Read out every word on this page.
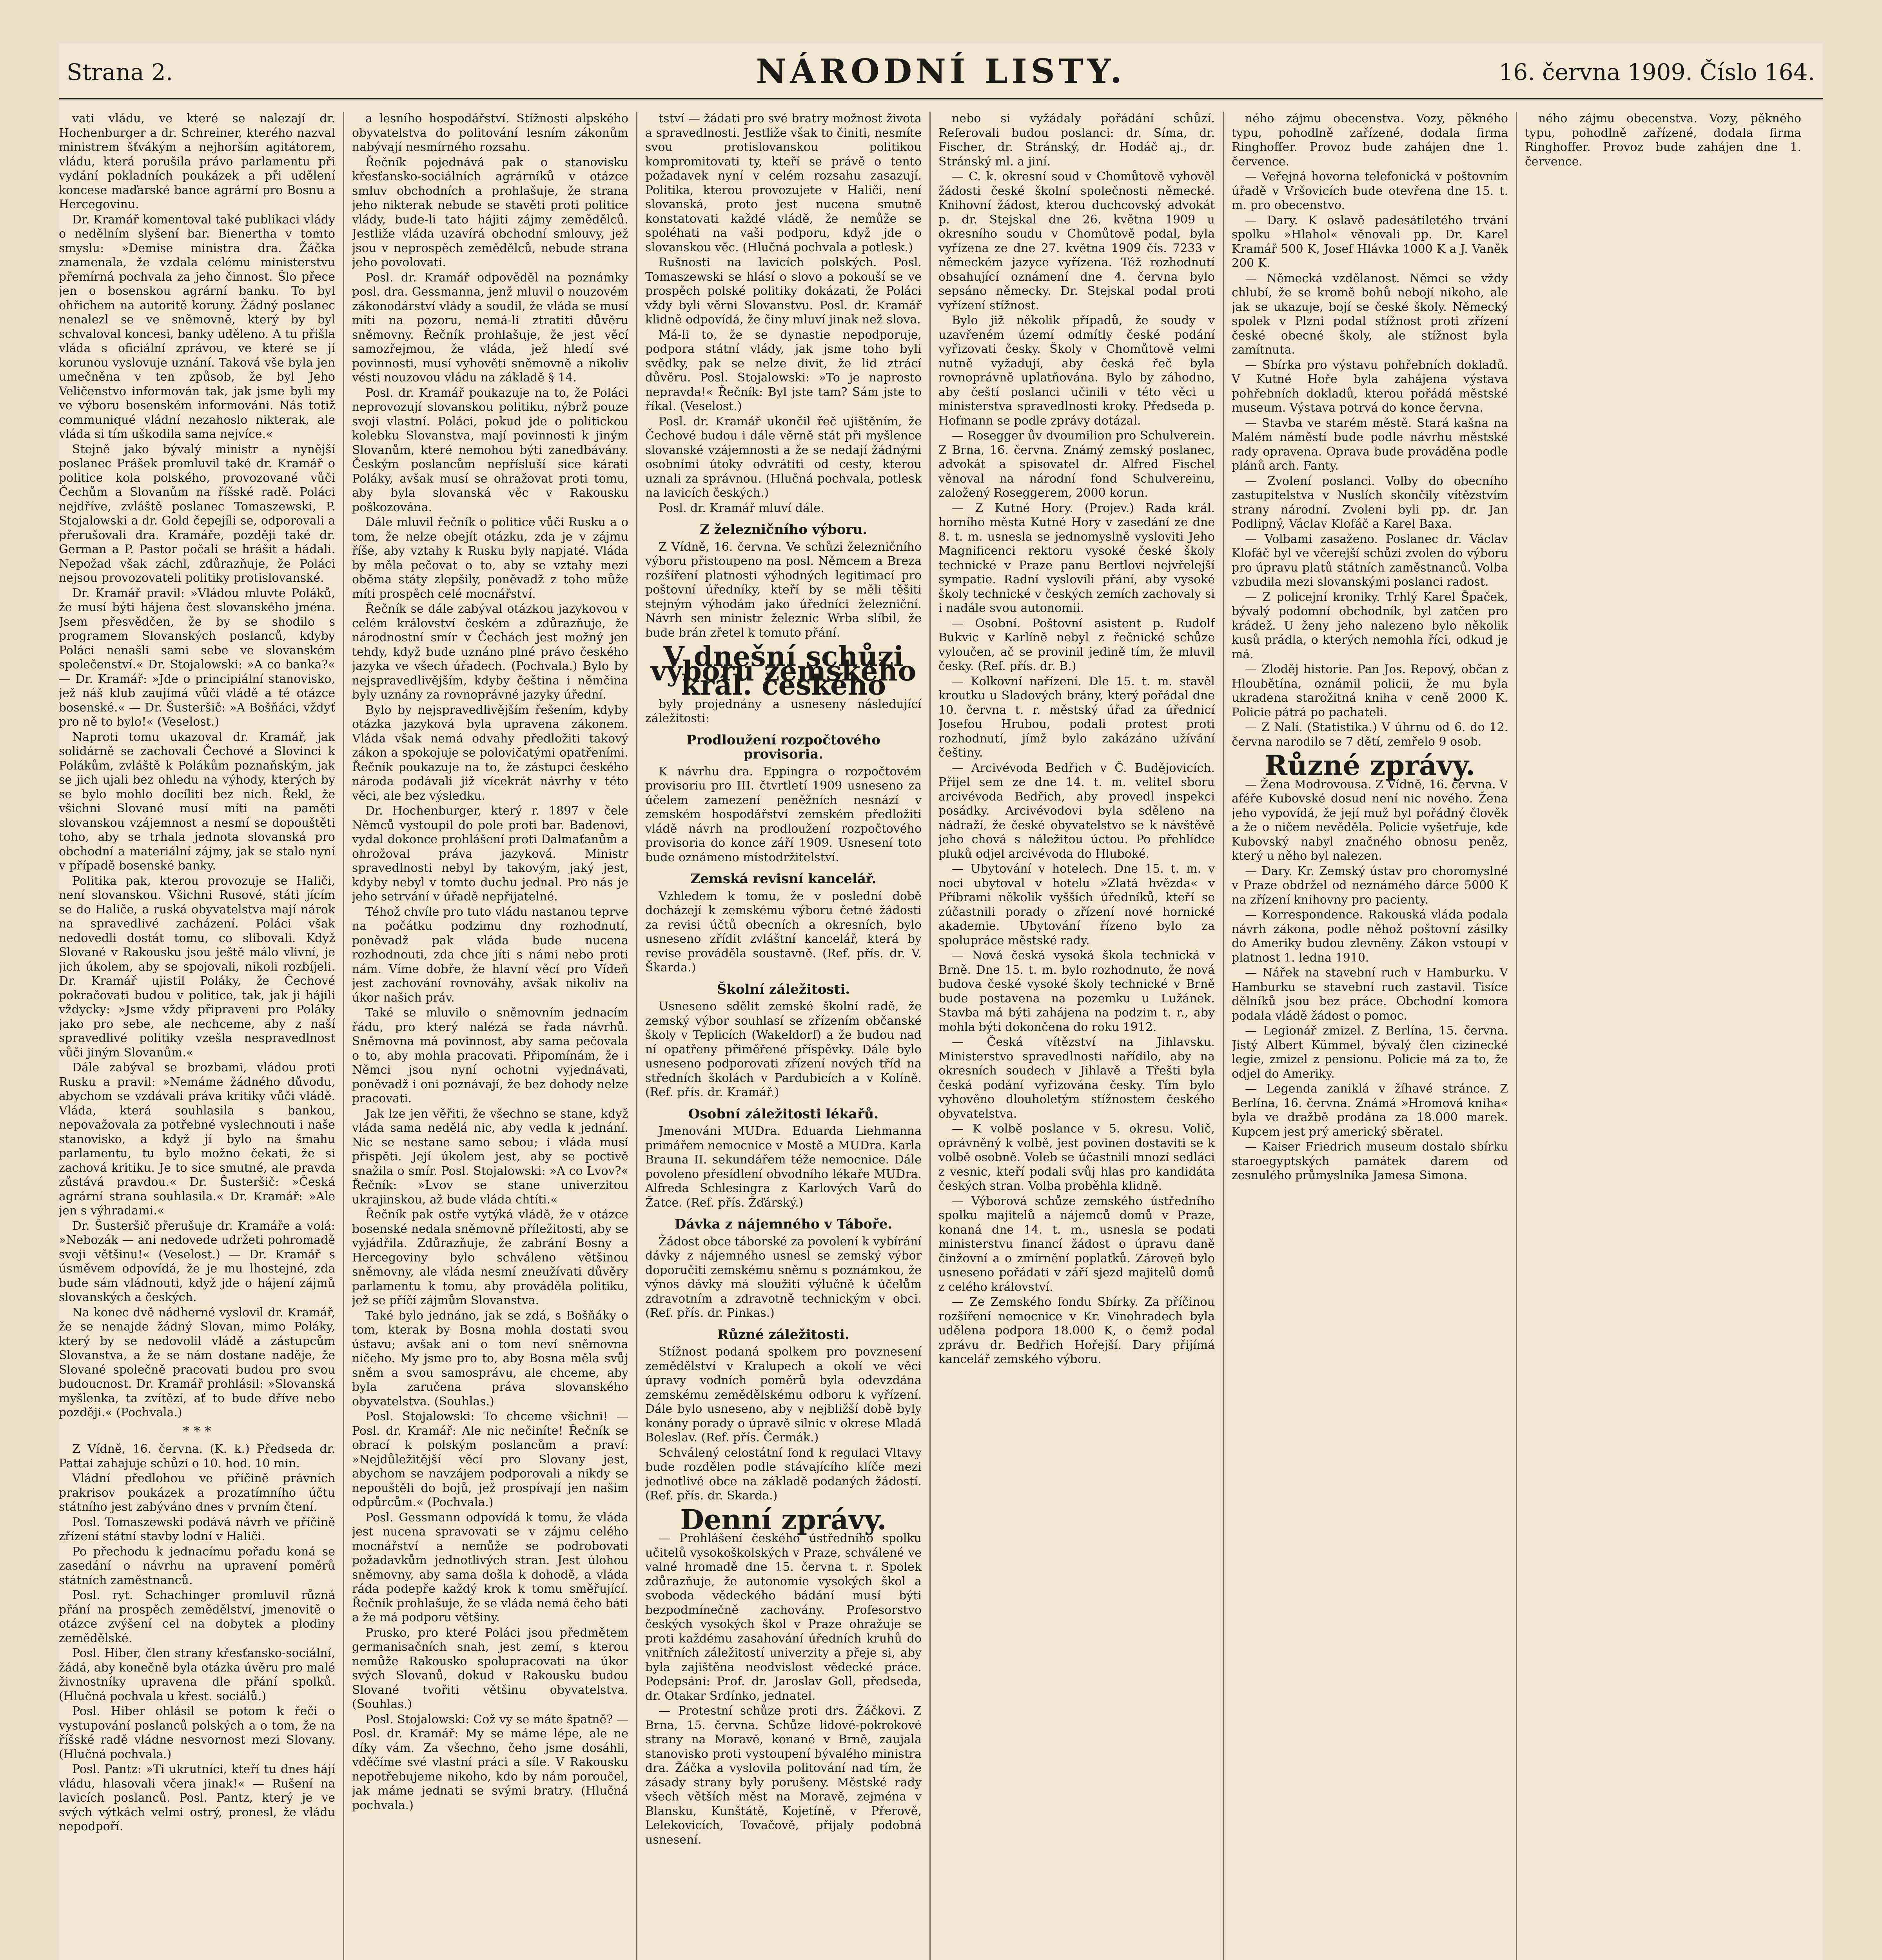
Strana 2.	NÁRODNÍ LISTY.	16. června 1909. Číslo 164.

vati vládu, ve které se nalezají dr. Hochenburger a dr. Schreiner, kterého nazval ministrem šťvákým a nejhorším agitátorem, vládu, která porušila právo parlamentu při vydání pokladních poukázek a při udělení koncese maďarské bance agrární pro Bosnu a Hercegovinu.

Dr. Kramář komentoval také publikaci vlády o nedělním slyšení bar. Bienertha v tomto smyslu: »Demise ministra dra. Žáčka znamenala, že vzdala celému ministerstvu přemírná pochvala za jeho činnost. Šlo přece jen o bosenskou agrární banku. To byl ohřichem na autoritě koruny. Žádný poslanec nenalezl se ve sněmovně, který by byl schvaloval koncesi, banky uděleno. A tu přišla vláda s oficiální zprávou, ve které se jí korunou vyslovuje uznání. Taková vše byla jen umečněna v ten způsob, že byl Jeho Veličenstvo informován tak, jak jsme byli my ve výboru bosenském informováni. Nás totiž communiqué vládní nezahoslo nikterak, ale vláda si tím uškodila sama nejvíce.«

Stejně jako bývalý ministr a nynější poslanec Prášek promluvil také dr. Kramář o politice kola polského, provozované vůči Čechům a Slovanům na říšské radě. Poláci nejdříve, zvláště poslanec Tomaszewski, P. Stojalowski a dr. Gold čepejíli se, odporovali a přerušovali dra. Kramáře, později také dr. German a P. Pastor počali se hrášit a hádali. Nepožad však záchl, zdůrazňuje, že Poláci nejsou provozovateli politiky protislovanské.

Dr. Kramář pravil: »Vládou mluvte Poláků, že musí býti hájena čest slovanského jména. Jsem přesvědčen, že by se shodilo s programem Slovanských poslanců, kdyby Poláci nenašli sami sebe ve slovanském společenství.« Dr. Stojalowski: »A co banka?« — Dr. Kramář: »Jde o principiální stanovisko, jež náš klub zaujímá vůči vládě a té otázce bosenské.« — Dr. Šusteršič: »A Bošňáci, vždyť pro ně to bylo!« (Veselost.)

Naproti tomu ukazoval dr. Kramář, jak solidárně se zachovali Čechové a Slovinci k Polákům, zvláště k Polákům poznaňským, jak se jich ujali bez ohledu na výhody, kterých by se bylo mohlo docíliti bez nich. Řekl, že všichni Slované musí míti na paměti slovanskou vzájemnost a nesmí se dopouštěti toho, aby se trhala jednota slovanská pro obchodní a materiální zájmy, jak se stalo nyní v případě bosenské banky.

Politika pak, kterou provozuje se Haliči, není slovanskou. Všichni Rusové, státi jícím se do Haliče, a ruská obyvatelstva mají nárok na spravedlivé zacházení. Poláci však nedovedli dostát tomu, co slibovali. Když Slované v Rakousku jsou ještě málo vlivní, je jich úkolem, aby se spojovali, nikoli rozbíjeli. Dr. Kramář ujistil Poláky, že Čechové pokračovati budou v politice, tak, jak ji hájili vždycky: »Jsme vždy připraveni pro Poláky jako pro sebe, ale nechceme, aby z naší spravedlivé politiky vzešla nespravedlnost vůči jiným Slovanům.«

Dále zabýval se brozbami, vládou proti Rusku a pravil: »Nemáme žádného důvodu, abychom se vzdávali práva kritiky vůči vládě. Vláda, která souhlasila s bankou, nepovažovala za potřebné vyslechnouti i naše stanovisko, a když jí bylo na šmahu parlamentu, tu bylo možno čekati, že si zachová kritiku. Je to sice smutné, ale pravda zůstává pravdou.« Dr. Šusteršič: »Česká agrární strana souhlasila.« Dr. Kramář: »Ale jen s výhradami.«

Dr. Šusteršič přerušuje dr. Kramáře a volá: »Nebozák — ani nedovede udržeti pohromadě svoji většinu!« (Veselost.) — Dr. Kramář s úsměvem odpovídá, že je mu lhostejné, zda bude sám vládnouti, když jde o hájení zájmů slovanských a českých.

Na konec dvě nádherné vyslovil dr. Kramář, že se nenajde žádný Slovan, mimo Poláky, který by se nedovolil vládě a zástupcům Slovanstva, a že se nám dostane naděje, že Slované společně pracovati budou pro svou budoucnost. Dr. Kramář prohlásil: »Slovanská myšlenka, ta zvítězí, ať to bude dříve nebo později.« (Pochvala.)

* * *

Z Vídně, 16. června. (K. k.) Předseda dr. Pattai zahajuje schůzi o 10. hod. 10 min.

Vládní předlohou ve příčině právních prakrisov poukázek a prozatímního účtu státního jest zabýváno dnes v prvním čtení.

Posl. Tomaszewski podává návrh ve příčině zřízení státní stavby lodní v Haliči.

Po přechodu k jednacímu pořadu koná se zasedání o návrhu na upravení poměrů státních zaměstnanců.

Posl. ryt. Schachinger promluvil různá přání na prospěch zemědělství, jmenovitě o otázce zvýšení cel na dobytek a plodiny zemědělské.

Posl. Hiber, člen strany křesťansko-sociální, žádá, aby konečně byla otázka úvěru pro malé živnostníky upravena dle přání spolků. (Hlučná pochvala u křest. sociálů.)

Posl. Hiber ohlásil se potom k řeči o vystupování poslanců polských a o tom, že na říšské radě vládne nesvornost mezi Slovany. (Hlučná pochvala.)

Posl. Pantz: »Ti ukrutníci, kteří tu dnes hájí vládu, hlasovali včera jinak!« — Rušení na lavicích poslanců. Posl. Pantz, který je ve svých výtkách velmi ostrý, pronesl, že vládu nepodpoří.

a lesního hospodářství. Stížnosti alpského obyvatelstva do politování lesním zákonům nabývají nesmírného rozsahu.

Řečník pojednává pak o stanovisku křesťansko-sociálních agrárníků v otázce smluv obchodních a prohlašuje, že strana jeho nikterak nebude se stavěti proti politice vlády, bude-li tato hájiti zájmy zemědělců. Jestliže vláda uzavírá obchodní smlouvy, jež jsou v neprospěch zemědělců, nebude strana jeho povolovati.

Posl. dr. Kramář odpověděl na poznámky posl. dra. Gessmanna, jenž mluvil o nouzovém zákonodárství vlády a soudil, že vláda se musí míti na pozoru, nemá-li ztratiti důvěru sněmovny. Řečník prohlašuje, že jest věcí samozřejmou, že vláda, jež hledí své povinnosti, musí vyhověti sněmovně a nikoliv vésti nouzovou vládu na základě § 14.

Posl. dr. Kramář poukazuje na to, že Poláci neprovozují slovanskou politiku, nýbrž pouze svoji vlastní. Poláci, pokud jde o politickou kolebku Slovanstva, mají povinnosti k jiným Slovanům, které nemohou býti zanedbávány. Českým poslancům nepřísluší sice kárati Poláky, avšak musí se ohražovat proti tomu, aby byla slovanská věc v Rakousku poškozována.

Dále mluvil řečník o politice vůči Rusku a o tom, že nelze obejít otázku, zda je v zájmu říše, aby vztahy k Rusku byly napjaté. Vláda by měla pečovat o to, aby se vztahy mezi oběma státy zlepšily, poněvadž z toho může míti prospěch celé mocnářství.

Řečník se dále zabýval otázkou jazykovou v celém království českém a zdůrazňuje, že národnostní smír v Čechách jest možný jen tehdy, když bude uznáno plné právo českého jazyka ve všech úřadech. (Pochvala.) Bylo by nejspravedlivějším, kdyby čeština i němčina byly uznány za rovnoprávné jazyky úřední.

Bylo by nejspravedlivějším řešením, kdyby otázka jazyková byla upravena zákonem. Vláda však nemá odvahy předložiti takový zákon a spokojuje se polovičatými opatřeními. Řečník poukazuje na to, že zástupci českého národa podávali již vícekrát návrhy v této věci, ale bez výsledku.

Dr. Hochenburger, který r. 1897 v čele Němců vystoupil do pole proti bar. Badenovi, vydal dokonce prohlášení proti Dalmaťanům a ohrožoval práva jazyková. Ministr spravedlnosti nebyl by takovým, jaký jest, kdyby nebyl v tomto duchu jednal. Pro nás je jeho setrvání v úřadě nepřijatelné.

Téhož chvíle pro tuto vládu nastanou teprve na počátku podzimu dny rozhodnutí, poněvadž pak vláda bude nucena rozhodnouti, zda chce jíti s námi nebo proti nám. Víme dobře, že hlavní věcí pro Vídeň jest zachování rovnováhy, avšak nikoliv na úkor našich práv.

Také se mluvilo o sněmovním jednacím řádu, pro který nalézá se řada návrhů. Sněmovna má povinnost, aby sama pečovala o to, aby mohla pracovati. Připomínám, že i Němci jsou nyní ochotni vyjednávati, poněvadž i oni poznávají, že bez dohody nelze pracovati.

Jak lze jen věřiti, že všechno se stane, když vláda sama nedělá nic, aby vedla k jednání. Nic se nestane samo sebou; i vláda musí přispěti. Její úkolem jest, aby se poctivě snažila o smír. Posl. Stojalowski: »A co Lvov?« Řečník: »Lvov se stane univerzitou ukrajinskou, až bude vláda chtíti.«

Řečník pak ostře vytýká vládě, že v otázce bosenské nedala sněmovně příležitosti, aby se vyjádřila. Zdůrazňuje, že zabrání Bosny a Hercegoviny bylo schváleno většinou sněmovny, ale vláda nesmí zneužívati důvěry parlamentu k tomu, aby prováděla politiku, jež se příčí zájmům Slovanstva.

Také bylo jednáno, jak se zdá, s Bošňáky o tom, kterak by Bosna mohla dostati svou ústavu; avšak ani o tom neví sněmovna ničeho. My jsme pro to, aby Bosna měla svůj sněm a svou samosprávu, ale chceme, aby byla zaručena práva slovanského obyvatelstva. (Souhlas.)

Posl. Stojalowski: To chceme všichni! — Posl. dr. Kramář: Ale nic nečiníte! Řečník se obrací k polským poslancům a praví: »Nejdůležitější věcí pro Slovany jest, abychom se navzájem podporovali a nikdy se nepouštěli do bojů, jež prospívají jen našim odpůrcům.« (Pochvala.)

Posl. Gessmann odpovídá k tomu, že vláda jest nucena spravovati se v zájmu celého mocnářství a nemůže se podrobovati požadavkům jednotlivých stran. Jest úlohou sněmovny, aby sama došla k dohodě, a vláda ráda podepře každý krok k tomu směřující. Řečník prohlašuje, že se vláda nemá čeho báti a že má podporu většiny.

Prusko, pro které Poláci jsou předmětem germanisačních snah, jest zemí, s kterou nemůže Rakousko spolupracovati na úkor svých Slovanů, dokud v Rakousku budou Slované tvořiti většinu obyvatelstva. (Souhlas.)

Posl. Stojalowski: Což vy se máte špatně? — Posl. dr. Kramář: My se máme lépe, ale ne díky vám. Za všechno, čeho jsme dosáhli, vděčíme své vlastní práci a síle. V Rakousku nepotřebujeme nikoho, kdo by nám poroučel, jak máme jednati se svými bratry. (Hlučná pochvala.)

tství — žádati pro své bratry možnost života a spravedlnosti. Jestliže však to činiti, nesmíte svou protislovanskou politikou kompromitovati ty, kteří se právě o tento požadavek nyní v celém rozsahu zasazují. Politika, kterou provozujete v Haliči, není slovanská, proto jest nucena smutně konstatovati každé vládě, že nemůže se spoléhati na vaši podporu, když jde o slovanskou věc. (Hlučná pochvala a potlesk.)

Rušnosti na lavicích polských. Posl. Tomaszewski se hlásí o slovo a pokouší se ve prospěch polské politiky dokázati, že Poláci vždy byli věrni Slovanstvu. Posl. dr. Kramář klidně odpovídá, že činy mluví jinak než slova.

Má-li to, že se dynastie nepodporuje, podpora státní vlády, jak jsme toho byli svědky, pak se nelze divit, že lid ztrácí důvěru. Posl. Stojalowski: »To je naprosto nepravda!« Řečník: Byl jste tam? Sám jste to říkal. (Veselost.)

Posl. dr. Kramář ukončil řeč ujištěním, že Čechové budou i dále věrně stát při myšlence slovanské vzájemnosti a že se nedají žádnými osobními útoky odvrátiti od cesty, kterou uznali za správnou. (Hlučná pochvala, potlesk na lavicích českých.)

Posl. dr. Kramář mluví dále.

Z železničního výboru.

Z Vídně, 16. června. Ve schůzi železničního výboru přistoupeno na posl. Němcem a Breza rozšíření platnosti výhodných legitimací pro poštovní úředníky, kteří by se měli těšiti stejným výhodám jako úředníci železniční. Návrh sen ministr železnic Wrba slíbil, že bude brán zřetel k tomuto přání.

V dnešní schůzi výboru zemského král. českého

byly projednány a usneseny následující záležitosti:

Prodloužení rozpočtového provisoria.

K návrhu dra. Eppingra o rozpočtovém provisoriu pro III. čtvrtletí 1909 usneseno za účelem zamezení peněžních nesnází v zemském hospodářství zemském předložiti vládě návrh na prodloužení rozpočtového provisoria do konce září 1909. Usnesení toto bude oznámeno místodržitelství.

Zemská revisní kancelář.

Vzhledem k tomu, že v poslední době docházejí k zemskému výboru četné žádosti za revisi účtů obecních a okresních, bylo usneseno zřídit zvláštní kancelář, která by revise prováděla soustavně. (Ref. přís. dr. V. Škarda.)

Školní záležitosti.

Usneseno sdělit zemské školní radě, že zemský výbor souhlasí se zřízením občanské školy v Teplicích (Wakeldorf) a že budou nad ní opatřeny přiměřené příspěvky. Dále bylo usneseno podporovati zřízení nových tříd na středních školách v Pardubicích a v Kolíně. (Ref. přís. dr. Kramář.)

Osobní záležitosti lékařů.

Jmenováni MUDra. Eduarda Liehmanna primářem nemocnice v Mostě a MUDra. Karla Brauna II. sekundářem téže nemocnice. Dále povoleno přesídlení obvodního lékaře MUDra. Alfreda Schlesingra z Karlových Varů do Žatce. (Ref. přís. Žďárský.)

Dávka z nájemného v Táboře.

Žádost obce táborské za povolení k vybírání dávky z nájemného usnesl se zemský výbor doporučiti zemskému sněmu s poznámkou, že výnos dávky má sloužiti výlučně k účelům zdravotním a zdravotně technickým v obci. (Ref. přís. dr. Pinkas.)

Různé záležitosti.

Stížnost podaná spolkem pro povznesení zemědělství v Kralupech a okolí ve věci úpravy vodních poměrů byla odevzdána zemskému zemědělskému odboru k vyřízení. Dále bylo usneseno, aby v nejbližší době byly konány porady o úpravě silnic v okrese Mladá Boleslav. (Ref. přís. Čermák.)

Schválený celostátní fond k regulaci Vltavy bude rozdělen podle stávajícího klíče mezi jednotlivé obce na základě podaných žádostí. (Ref. přís. dr. Skarda.)

Denní zprávy.

— Prohlášení českého ústředního spolku učitelů vysokoškolských v Praze, schválené ve valné hromadě dne 15. června t. r. Spolek zdůrazňuje, že autonomie vysokých škol a svoboda vědeckého bádání musí býti bezpodmínečně zachovány. Profesorstvo českých vysokých škol v Praze ohražuje se proti každému zasahování úředních kruhů do vnitřních záležitostí univerzity a přeje si, aby byla zajištěna neodvislost vědecké práce. Podepsáni: Prof. dr. Jaroslav Goll, předseda, dr. Otakar Srdínko, jednatel.

— Protestní schůze proti drs. Žáčkovi. Z Brna, 15. června. Schůze lidové-pokrokové strany na Moravě, konané v Brně, zaujala stanovisko proti vystoupení bývalého ministra dra. Žáčka a vyslovila politování nad tím, že zásady strany byly porušeny. Městské rady všech větších měst na Moravě, zejména v Blansku, Kunštátě, Kojetíně, v Přerově, Lelekovicích, Tovačově, přijaly podobná usnesení.

nebo si vyžádaly pořádání schůzí. Referovali budou poslanci: dr. Síma, dr. Fischer, dr. Stránský, dr. Hodáč aj., dr. Stránský ml. a jiní.

— C. k. okresní soud v Chomůtově vyhověl žádosti české školní společnosti německé. Knihovní žádost, kterou duchcovský advokát p. dr. Stejskal dne 26. května 1909 u okresního soudu v Chomůtově podal, byla vyřízena ze dne 27. května 1909 čís. 7233 v německém jazyce vyřízena. Též rozhodnutí obsahující oznámení dne 4. června bylo sepsáno německy. Dr. Stejskal podal proti vyřízení stížnost.

Bylo již několik případů, že soudy v uzavřeném území odmítly české podání vyřizovati česky. Školy v Chomůtově velmi nutně vyžadují, aby česká řeč byla rovnoprávně uplatňována. Bylo by záhodno, aby čeští poslanci učinili v této věci u ministerstva spravedlnosti kroky. Předseda p. Hofmann se podle zprávy dotázal.

— Rosegger ův dvoumilion pro Schulverein. Z Brna, 16. června. Známý zemský poslanec, advokát a spisovatel dr. Alfred Fischel věnoval na národní fond Schulvereinu, založený Roseggerem, 2000 korun.

— Z Kutné Hory. (Projev.) Rada král. horního města Kutné Hory v zasedání ze dne 8. t. m. usnesla se jednomyslně vysloviti Jeho Magnificenci rektoru vysoké české školy technické v Praze panu Bertlovi nejvřelejší sympatie. Radní vyslovili přání, aby vysoké školy technické v českých zemích zachovaly si i nadále svou autonomii.

— Osobní. Poštovní asistent p. Rudolf Bukvic v Karlíně nebyl z řečnické schůze vyloučen, ač se provinil jedině tím, že mluvil česky. (Ref. přís. dr. B.)

— Kolkovní nařízení. Dle 15. t. m. stavěl kroutku u Sladových brány, který pořádal dne 10. června t. r. městský úřad za úřednicí Josefou Hrubou, podali protest proti rozhodnutí, jímž bylo zakázáno užívání češtiny.

— Arcivévoda Bedřich v Č. Budějovicích. Přijel sem ze dne 14. t. m. velitel sboru arcivévoda Bedřich, aby provedl inspekci posádky. Arcivévodovi byla sděleno na nádraží, že české obyvatelstvo se k návštěvě jeho chová s náležitou úctou. Po přehlídce pluků odjel arcivévoda do Hluboké.

— Ubytování v hotelech. Dne 15. t. m. v noci ubytoval v hotelu »Zlatá hvězda« v Příbrami několik vyšších úředníků, kteří se zúčastnili porady o zřízení nové hornické akademie. Ubytování řízeno bylo za spolupráce městské rady.

— Nová česká vysoká škola technická v Brně. Dne 15. t. m. bylo rozhodnuto, že nová budova české vysoké školy technické v Brně bude postavena na pozemku u Lužánek. Stavba má býti zahájena na podzim t. r., aby mohla býti dokončena do roku 1912.

— Česká vítězství na Jihlavsku. Ministerstvo spravedlnosti nařídilo, aby na okresních soudech v Jihlavě a Třešti byla česká podání vyřizována česky. Tím bylo vyhověno dlouholetým stížnostem českého obyvatelstva.

— K volbě poslance v 5. okresu. Volič, oprávněný k volbě, jest povinen dostaviti se k volbě osobně. Voleb se účastnili mnozí sedláci z vesnic, kteří podali svůj hlas pro kandidáta českých stran. Volba proběhla klidně.

— Výborová schůze zemského ústředního spolku majitelů a nájemců domů v Praze, konaná dne 14. t. m., usnesla se podati ministerstvu financí žádost o úpravu daně činžovní a o zmírnění poplatků. Zároveň bylo usneseno pořádati v září sjezd majitelů domů z celého království.

— Ze Zemského fondu Sbírky. Za příčinou rozšíření nemocnice v Kr. Vinohradech byla udělena podpora 18.000 K, o čemž podal zprávu dr. Bedřich Hořejší. Dary přijímá kancelář zemského výboru.

ného zájmu obecenstva. Vozy, pěkného typu, pohodlně zařízené, dodala firma Ringhoffer. Provoz bude zahájen dne 1. července.

— Veřejná hovorna telefonická v poštovním úřadě v Vršovicích bude otevřena dne 15. t. m. pro obecenstvo.

— Dary. K oslavě padesátiletého trvání spolku »Hlahol« věnovali pp. Dr. Karel Kramář 500 K, Josef Hlávka 1000 K a J. Vaněk 200 K.

— Německá vzdělanost. Němci se vždy chlubí, že se kromě bohů nebojí nikoho, ale jak se ukazuje, bojí se české školy. Německý spolek v Plzni podal stížnost proti zřízení české obecné školy, ale stížnost byla zamítnuta.

— Sbírka pro výstavu pohřebních dokladů. V Kutné Hoře byla zahájena výstava pohřebních dokladů, kterou pořádá městské museum. Výstava potrvá do konce června.

— Stavba ve starém městě. Stará kašna na Malém náměstí bude podle návrhu městské rady opravena. Oprava bude prováděna podle plánů arch. Fanty.

— Zvolení poslanci. Volby do obecního zastupitelstva v Nuslích skončily vítězstvím strany národní. Zvoleni byli pp. dr. Jan Podlipný, Václav Klofáč a Karel Baxa.

— Volbami zasaženo. Poslanec dr. Václav Klofáč byl ve včerejší schůzi zvolen do výboru pro úpravu platů státních zaměstnanců. Volba vzbudila mezi slovanskými poslanci radost.

— Z policejní kroniky. Trhlý Karel Špaček, bývalý podomní obchodník, byl zatčen pro krádež. U ženy jeho nalezeno bylo několik kusů prádla, o kterých nemohla říci, odkud je má.

— Zloděj historie. Pan Jos. Repový, občan z Hloubětína, oznámil policii, že mu byla ukradena starožitná kniha v ceně 2000 K. Policie pátrá po pachateli.

— Z Nalí. (Statistika.) V úhrnu od 6. do 12. června narodilo se 7 dětí, zemřelo 9 osob.

Různé zprávy.

— Žena Modrovousa. Z Vídně, 16. června. V aféře Kubovské dosud není nic nového. Žena jeho vypovídá, že její muž byl pořádný člověk a že o ničem nevěděla. Policie vyšetřuje, kde Kubovský nabyl značného obnosu peněz, který u něho byl nalezen.

— Dary. Kr. Zemský ústav pro choromyslné v Praze obdržel od neznámého dárce 5000 K na zřízení knihovny pro pacienty.

— Korrespondence. Rakouská vláda podala návrh zákona, podle něhož poštovní zásilky do Ameriky budou zlevněny. Zákon vstoupí v platnost 1. ledna 1910.

— Nářek na stavební ruch v Hamburku. V Hamburku se stavební ruch zastavil. Tisíce dělníků jsou bez práce. Obchodní komora podala vládě žádost o pomoc.

— Legionář zmizel. Z Berlína, 15. června. Jistý Albert Kümmel, bývalý člen cizinecké legie, zmizel z pensionu. Policie má za to, že odjel do Ameriky.

— Legenda zaniklá v žíhavé stránce. Z Berlína, 16. června. Známá »Hromová kniha« byla ve dražbě prodána za 18.000 marek. Kupcem jest prý americký sběratel.

— Kaiser Friedrich museum dostalo sbírku staroegyptských památek darem od zesnulého průmyslníka Jamesa Simona.

ného zájmu obecenstva. Vozy, pěkného typu, pohodlně zařízené, dodala firma Ringhoffer. Provoz bude zahájen dne 1. července.
